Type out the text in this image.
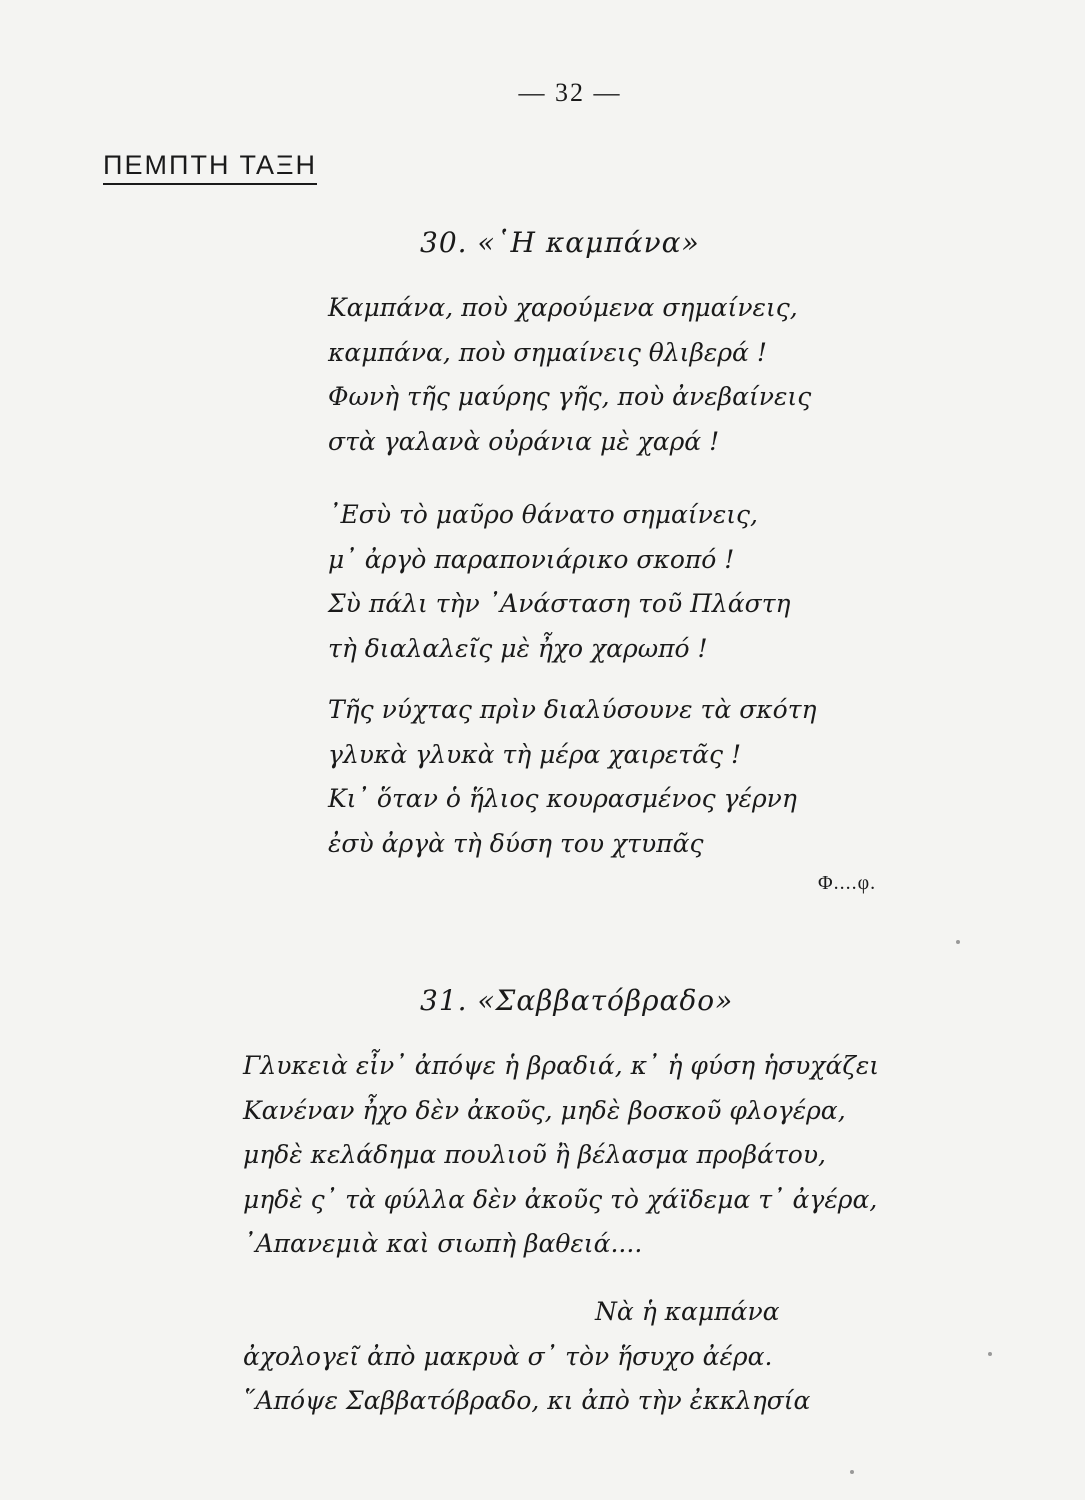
— 32 —
ΠΕΜΠΤΗ ΤΑΞΗ
30. «῾Η καμπάνα»
Καμπάνα, ποὺ χαρούμενα σημαίνεις,
καμπάνα, ποὺ σημαίνεις θλιβερά !
Φωνὴ τῆς μαύρης γῆς, ποὺ ἀνεβαίνεις
στὰ γαλανὰ οὐράνια μὲ χαρά !
᾿Εσὺ τὸ μαῦρο θάνατο σημαίνεις,
μ᾿ ἀργὸ παραπονιάρικο σκοπό !
Σὺ πάλι τὴν ᾿Ανάσταση τοῦ Πλάστη
τὴ διαλαλεῖς μὲ ἦχο χαρωπό !
Τῆς νύχτας πρὶν διαλύσουνε τὰ σκότη
γλυκὰ γλυκὰ τὴ μέρα χαιρετᾶς !
Κι᾿ ὅταν ὁ ἥλιος κουρασμένος γέρνη
ἐσὺ ἀργὰ τὴ δύση του χτυπᾶς
Φ....φ.
31. «Σαββατόβραδο»
Γλυκειὰ εἶν᾿ ἀπόψε ἡ βραδιά, κ᾿ ἡ φύση ἡσυχάζει
Κανέναν ἦχο δὲν ἀκοῦς, μηδὲ βοσκοῦ φλογέρα,
μηδὲ κελάδημα πουλιοῦ ἢ βέλασμα προβάτου,
μηδὲ ς᾿ τὰ φύλλα δὲν ἀκοῦς τὸ χάϊδεμα τ᾿ ἀγέρα,
᾿Απανεμιὰ καὶ σιωπὴ βαθειά....
Νὰ ἡ καμπάνα
ἀχολογεῖ ἀπὸ μακρυὰ σ᾿ τὸν ἥσυχο ἀέρα.
῞Απόψε Σαββατόβραδο, κι ἀπὸ τὴν ἐκκλησία
